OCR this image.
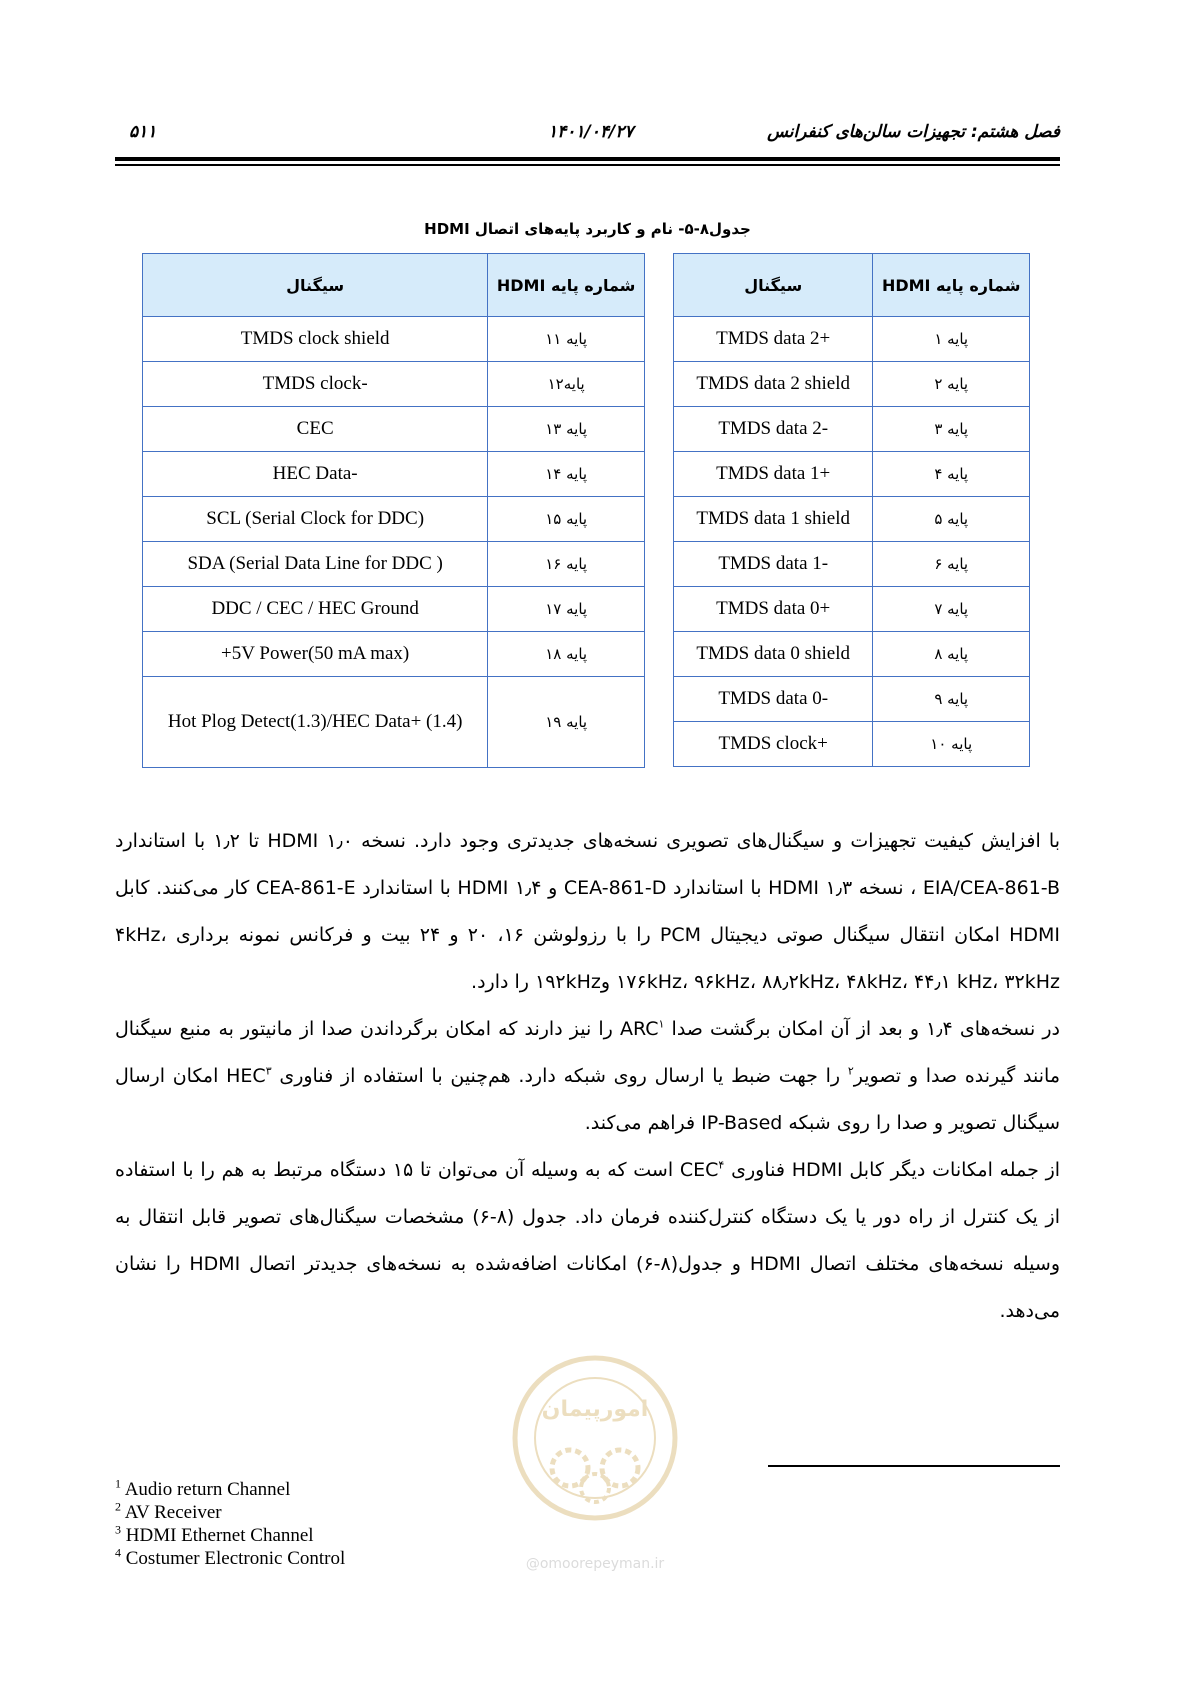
فصل هشتم: تجهیزات سالن‌های کنفرانس
۱۴۰۱/۰۴/۲۷
۵۱۱
جدول۸-۵- نام و کاربرد پایه‌های اتصال HDMI
سیگنال	شماره پایه HDMI
TMDS data 2+	پایه ۱
TMDS data 2 shield	پایه ۲
TMDS data 2-	پایه ۳
TMDS data 1+	پایه ۴
TMDS data 1 shield	پایه ۵
TMDS data 1-	پایه ۶
TMDS data 0+	پایه ۷
TMDS data 0 shield	پایه ۸
TMDS data 0-	پایه ۹
TMDS clock+	پایه ۱۰
سیگنال	شماره پایه HDMI
TMDS clock shield	پایه ۱۱
TMDS clock-	پایه۱۲
CEC	پایه ۱۳
HEC Data-	پایه ۱۴
SCL (Serial Clock for DDC)	پایه ۱۵
SDA (Serial Data Line for DDC )	پایه ۱۶
DDC / CEC / HEC Ground	پایه ۱۷
+5V Power(50 mA max)	پایه ۱۸
Hot Plog Detect(1.3)/HEC Data+ (1.4)	پایه ۱۹

با افزایش کیفیت تجهیزات و سیگنال‌های تصویری نسخه‌های جدیدتری وجود دارد. نسخه ۱٫۰ HDMI تا ۱٫۲ با استاندارد EIA/CEA-861-B ، نسخه ۱٫۳ HDMI با استاندارد CEA-861-D و ۱٫۴ HDMI با استاندارد CEA-861-E کار می‌کنند. کابل HDMI امکان انتقال سیگنال صوتی دیجیتال PCM را با رزولوشن ۱۶، ۲۰ و ۲۴ بیت و فرکانس نمونه برداری ۴kHz، ۱۷۶kHz، ۹۶kHz، ۸۸٫۲kHz، ۴۸kHz، ۴۴٫۱ kHz، ۳۲kHz و۱۹۲kHz را دارد.

در نسخه‌های ۱٫۴ و بعد از آن امکان برگشت صدا ARC$^۱$ را نیز دارند که امکان برگرداندن صدا از مانیتور به منبع سیگنال مانند گیرنده صدا و تصویر$^۲$ را جهت ضبط یا ارسال روی شبکه دارد. هم‌چنین با استفاده از فناوری HEC$^۳$ امکان ارسال سیگنال تصویر و صدا را روی شبکه IP-Based فراهم می‌کند.

از جمله امکانات دیگر کابل HDMI فناوری CEC$^۴$ است که به وسیله آن می‌توان تا ۱۵ دستگاه مرتبط به هم را با استفاده از یک کنترل از راه دور یا یک دستگاه کنترل‌کننده فرمان داد. جدول (۸-۶) مشخصات سیگنال‌های تصویر قابل انتقال به وسیله نسخه‌های مختلف اتصال HDMI و جدول(۸-۶) امکانات اضافه‌شده به نسخه‌های جدیدتر اتصال HDMI را نشان می‌دهد.

امورپیمان
@omoorepeyman.ir
$^1$ Audio return Channel
$^2$ AV Receiver
$^3$ HDMI Ethernet Channel
$^4$ Costumer Electronic Control
